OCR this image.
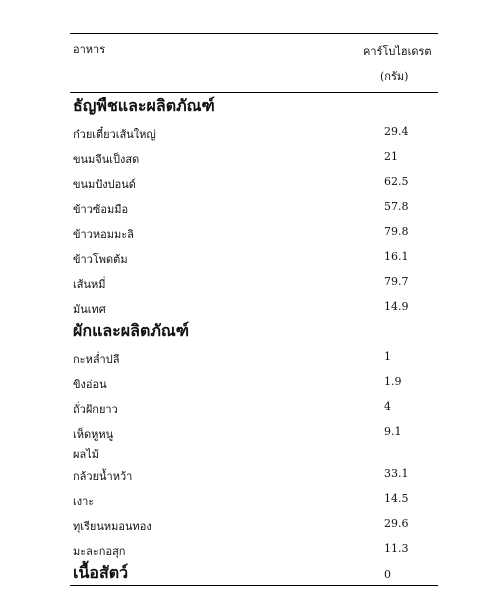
อาหาร	คาร์โบไฮเดรต
(กรัม)
ธัญพืชและผลิตภัณฑ์
ก๋วยเตี๋ยวเส้นใหญ่	29.4
ขนมจีนเป็งสด	21
ขนมปังปอนด์	62.5
ข้าวซ้อมมือ	57.8
ข้าวหอมมะลิ	79.8
ข้าวโพดต้ม	16.1
เส้นหมี่	79.7
มันเทศ	14.9
ผักและผลิตภัณฑ์
กะหล่ำปลี	1
ขิงอ่อน	1.9
ถั่วฝักยาว	4
เห็ดหูหนู	9.1
ผลไม้
กล้วยน้ำหว้า	33.1
เงาะ	14.5
ทุเรียนหมอนทอง	29.6
มะละกอสุก	11.3
เนื้อสัตว์	0
